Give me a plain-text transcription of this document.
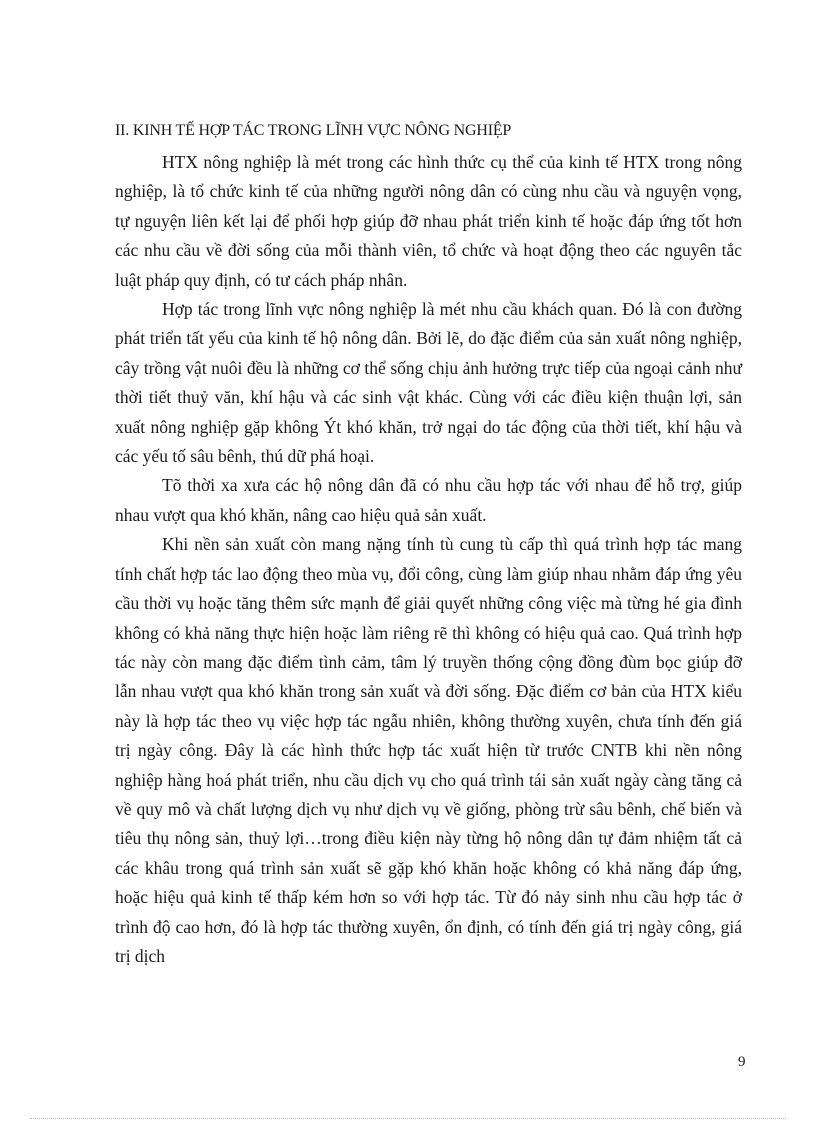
II. KINH TẾ HỢP TÁC TRONG LĨNH VỰC NÔNG NGHIỆP

HTX nông nghiệp là mét trong các hình thức cụ thể của kinh tế HTX trong nông nghiệp, là tổ chức kinh tế của những người nông dân có cùng nhu cầu và nguyện vọng, tự nguyện liên kết lại để phối hợp giúp đỡ nhau phát triển kinh tế hoặc đáp ứng tốt hơn các nhu cầu về đời sống của mỗi thành viên, tổ chức và hoạt động theo các nguyên tắc luật pháp quy định, có tư cách pháp nhân.

Hợp tác trong lĩnh vực nông nghiệp là mét nhu cầu khách quan. Đó là con đường phát triển tất yếu của kinh tế hộ nông dân. Bởi lẽ, do đặc điểm của sản xuất nông nghiệp, cây trồng vật nuôi đều là những cơ thể sống chịu ảnh hưởng trực tiếp của ngoại cảnh như thời tiết thuỷ văn, khí hậu và các sinh vật khác. Cùng với các điều kiện thuận lợi, sản xuất nông nghiệp gặp không Ýt khó khăn, trở ngại do tác động của thời tiết, khí hậu và các yếu tố sâu bênh, thú dữ phá hoại.

Tõ thời xa xưa các hộ nông dân đã có nhu cầu hợp tác với nhau để hỗ trợ, giúp nhau vượt qua khó khăn, nâng cao hiệu quả sản xuất.

Khi nền sản xuất còn mang nặng tính tù cung tù cấp thì quá trình hợp tác mang tính chất hợp tác lao động theo mùa vụ, đổi công, cùng làm giúp nhau nhằm đáp ứng yêu cầu thời vụ hoặc tăng thêm sức mạnh để giải quyết những công việc mà từng hé gia đình không có khả năng thực hiện hoặc làm riêng rẽ thì không có hiệu quả cao. Quá trình hợp tác này còn mang đặc điểm tình cảm, tâm lý truyền thống cộng đồng đùm bọc giúp đỡ lẫn nhau vượt qua khó khăn trong sản xuất và đời sống. Đặc điểm cơ bản của HTX kiểu này là hợp tác theo vụ việc hợp tác ngẫu nhiên, không thường xuyên, chưa tính đến giá trị ngày công. Đây là các hình thức hợp tác xuất hiện từ trước CNTB khi nền nông nghiệp hàng hoá phát triển, nhu cầu dịch vụ cho quá trình tái sản xuất ngày càng tăng cả về quy mô và chất lượng dịch vụ như dịch vụ về giống, phòng trừ sâu bênh, chế biến và tiêu thụ nông sản, thuỷ lợi…trong điều kiện này từng hộ nông dân tự đảm nhiệm tất cả các khâu trong quá trình sản xuất sẽ gặp khó khăn hoặc không có khả năng đáp ứng, hoặc hiệu quả kinh tế thấp kém hơn so với hợp tác. Từ đó nảy sinh nhu cầu hợp tác ở trình độ cao hơn, đó là hợp tác thường xuyên, ổn định, có tính đến giá trị ngày công, giá trị dịch

9
